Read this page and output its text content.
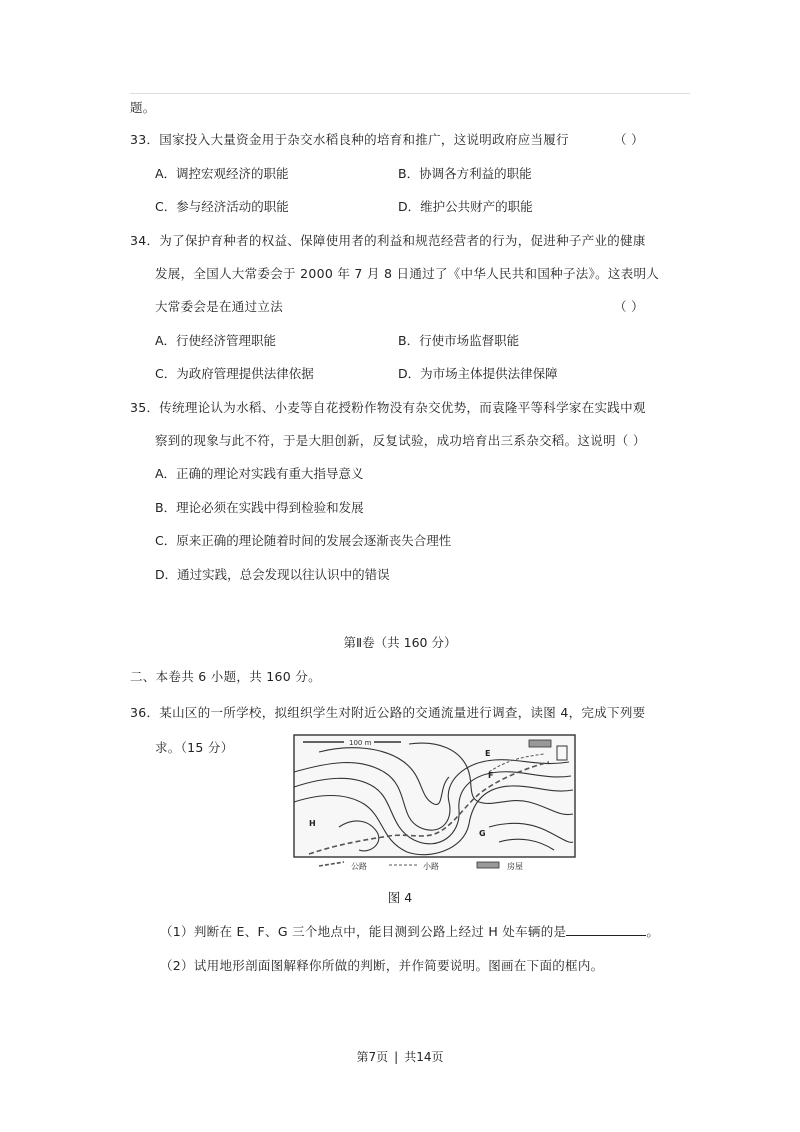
题。
33．国家投入大量资金用于杂交水稻良种的培育和推广，这说明政府应当履行	（ ）
A．调控宏观经济的职能	B．协调各方利益的职能
C．参与经济活动的职能	D．维护公共财产的职能
34．为了保护育种者的权益、保障使用者的利益和规范经营者的行为，促进种子产业的健康
发展，全国人大常委会于 2000 年 7 月 8 日通过了《中华人民共和国种子法》。这表明人
大常委会是在通过立法	（ ）
A．行使经济管理职能	B．行使市场监督职能
C．为政府管理提供法律依据	D．为市场主体提供法律保障
35．传统理论认为水稻、小麦等自花授粉作物没有杂交优势，而袁隆平等科学家在实践中观
察到的现象与此不符，于是大胆创新，反复试验，成功培育出三系杂交稻。这说明（ ）
A．正确的理论对实践有重大指导意义
B．理论必须在实践中得到检验和发展
C．原来正确的理论随着时间的发展会逐渐丧失合理性
D．通过实践，总会发现以往认识中的错误
第Ⅱ卷（共 160 分）
二、本卷共 6 小题，共 160 分。
36．某山区的一所学校，拟组织学生对附近公路的交通流量进行调查，读图 4，完成下列要
求。（15 分）	100 m
E
F
G
H
公路	小路	房屋
图 4
（1）判断在 E、F、G 三个地点中，能目测到公路上经过 H 处车辆的是	。
（2）试用地形剖面图解释你所做的判断，并作简要说明。图画在下面的框内。
第7页 | 共14页
